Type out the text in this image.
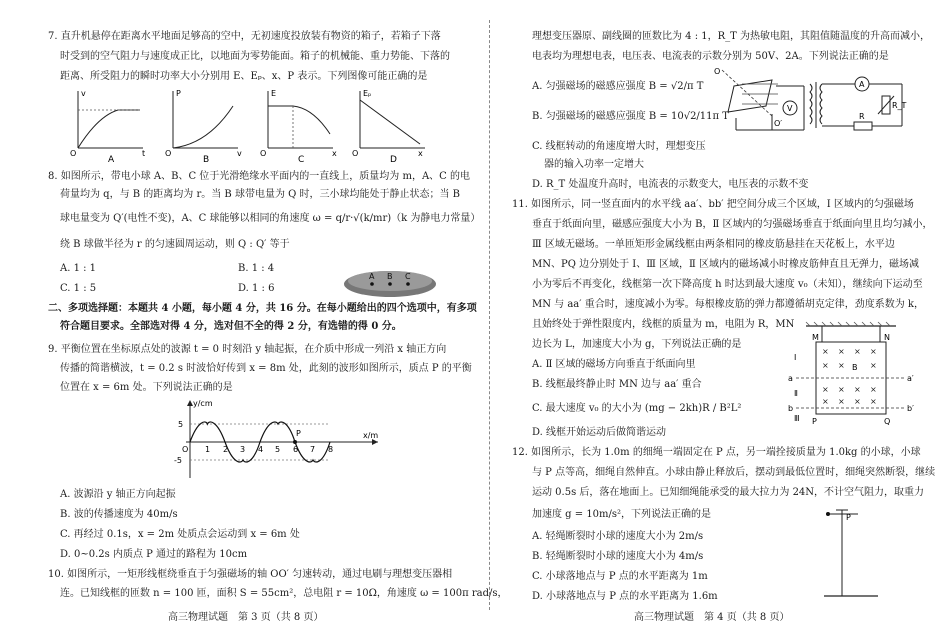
7. 直升机悬停在距离水平地面足够高的空中，无初速度投放装有物资的箱子，若箱子下落
时受到的空气阻力与速度成正比，以地面为零势能面。箱子的机械能、重力势能、下落的
距离、所受阻力的瞬时功率大小分别用 E、Eₚ、x、P 表示。下列图像可能正确的是
v
t
O
A
P
v
O
B
E
x
O
C
Eₚ
x
O
D
8. 如图所示，带电小球 A、B、C 位于光滑绝缘水平面内的一直线上，质量均为 m，A、C 的电
荷量均为 q，与 B 的距离均为 r。当 B 球带电量为 Q 时，三小球均能处于静止状态；当 B
球电量变为 Q′(电性不变)，A、C 球能够以相同的角速度 ω = q/r·√(k/mr)（k 为静电力常量）
绕 B 球做半径为 r 的匀速圆周运动，则 Q : Q′ 等于
A. 1 : 1	B. 1 : 4
C. 1 : 5	D. 1 : 6
A B C
二、多项选择题：本题共 4 小题，每小题 4 分，共 16 分。在每小题给出的四个选项中，有多项
符合题目要求。全部选对得 4 分，选对但不全的得 2 分，有选错的得 0 分。
9. 平衡位置在坐标原点处的波源 t = 0 时刻沿 y 轴起振，在介质中形成一列沿 x 轴正方向
传播的简谐横波，t = 0.2 s 时波恰好传到 x = 8m 处，此刻的波形如图所示，质点 P 的平衡
位置在 x = 6m 处。下列说法正确的是
y/cm
x/m
5
-5
O 1 2 3 4 5 6 7 8
P
A. 波源沿 y 轴正方向起振
B. 波的传播速度为 40m/s
C. 再经过 0.1s，x = 2m 处质点会运动到 x = 6m 处
D. 0~0.2s 内质点 P 通过的路程为 10cm
10. 如图所示，一矩形线框绕垂直于匀强磁场的轴 OO′ 匀速转动，通过电刷与理想变压器相
连。已知线框的匝数 n = 100 匝，面积 S = 55cm²，总电阻 r = 10Ω，角速度 ω = 100π rad/s，
高三物理试题　第 3 页（共 8 页）
理想变压器原、副线圈的匝数比为 4 : 1，R_T 为热敏电阻，其阻值随温度的升高而减小，
电表均为理想电表，电压表、电流表的示数分别为 50V、2A。下列说法正确的是
A. 匀强磁场的磁感应强度 B = √2/π T
B. 匀强磁场的磁感应强度 B = 10√2/11π T
C. 线框转动的角速度增大时，理想变压
器的输入功率一定增大
D. R_T 处温度升高时，电流表的示数变大，电压表的示数不变
O
O′
V
A
R_T
R
11. 如图所示，同一竖直面内的水平线 aa′、bb′ 把空间分成三个区域，Ⅰ 区域内的匀强磁场
垂直于纸面向里，磁感应强度大小为 B，Ⅱ 区域内的匀强磁场垂直于纸面向里且均匀减小，
Ⅲ 区域无磁场。一单匝矩形金属线框由两条相同的橡皮筋悬挂在天花板上，水平边
MN、PQ 边分别处于 Ⅰ、Ⅲ 区域，Ⅱ 区域内的磁场减小时橡皮筋伸直且无弹力，磁场减
小为零后不再变化，线框第一次下降高度 h 时达到最大速度 v₀（未知），继续向下运动至
MN 与 aa′ 重合时，速度减小为零。每根橡皮筋的弹力都遵循胡克定律，劲度系数为 k，
且始终处于弹性限度内，线框的质量为 m，电阻为 R，MN
边长为 L，加速度大小为 g，下列说法正确的是
A. Ⅱ 区域的磁场方向垂直于纸面向里
B. 线框最终静止时 MN 边与 aa′ 重合
C. 最大速度 v₀ 的大小为 (mg − 2kh)R / B²L²
D. 线框开始运动后做简谐运动
× × × ×
× ×	×
× × × ×
× × × ×
M	N
B
P	Q
a	a′
b	b′
Ⅰ
Ⅱ
Ⅲ
12. 如图所示，长为 1.0m 的细绳一端固定在 P 点，另一端拴接质量为 1.0kg 的小球，小球
与 P 点等高，细绳自然伸直。小球由静止释放后，摆动到最低位置时，细绳突然断裂，继续
运动 0.5s 后，落在地面上。已知细绳能承受的最大拉力为 24N，不计空气阻力，取重力
加速度 g = 10m/s²，下列说法正确的是
A. 轻绳断裂时小球的速度大小为 2m/s
B. 轻绳断裂时小球的速度大小为 4m/s
C. 小球落地点与 P 点的水平距离为 1m
D. 小球落地点与 P 点的水平距离为 1.6m
P
高三物理试题　第 4 页（共 8 页）
